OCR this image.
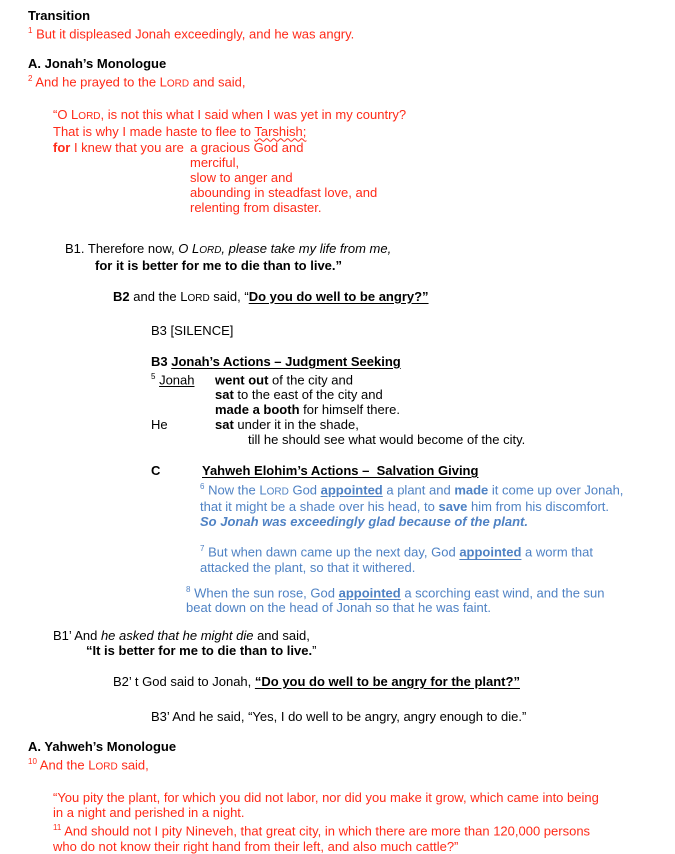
Transition
$^1$ But it displeased Jonah exceedingly, and he was angry.
A. Jonah’s Monologue
$^2$ And he prayed to the LORD and said,
“O LORD, is not this what I said when I was yet in my country?
That is why I made haste to flee to Tarshish;
for I knew that you are a gracious God and
merciful,
slow to anger and
abounding in steadfast love, and
relenting from disaster.
B1. Therefore now, O LORD, please take my life from me,
for it is better for me to die than to live.”
B2 and the LORD said, “Do you do well to be angry?”
B3 [SILENCE]
B3 Jonah’s Actions – Judgment Seeking
$^5$ Jonah went out of the city and
sat to the east of the city and
made a booth for himself there.
He	sat under it in the shade,
till he should see what would become of the city.
C	Yahweh Elohim’s Actions –  Salvation Giving
$^6$ Now the LORD God appointed a plant and made it come up over Jonah,
that it might be a shade over his head, to save him from his discomfort.
So Jonah was exceedingly glad because of the plant.
$^7$ But when dawn came up the next day, God appointed a worm that
attacked the plant, so that it withered.
$^8$ When the sun rose, God appointed a scorching east wind, and the sun
beat down on the head of Jonah so that he was faint.
B1’ And he asked that he might die and said,
“It is better for me to die than to live.”
B2’ t God said to Jonah, “Do you do well to be angry for the plant?”
B3’ And he said, “Yes, I do well to be angry, angry enough to die.”
A. Yahweh’s Monologue
$^{10}$ And the LORD said,
“You pity the plant, for which you did not labor, nor did you make it grow, which came into being
in a night and perished in a night.
$^{11}$ And should not I pity Nineveh, that great city, in which there are more than 120,000 persons
who do not know their right hand from their left, and also much cattle?”
